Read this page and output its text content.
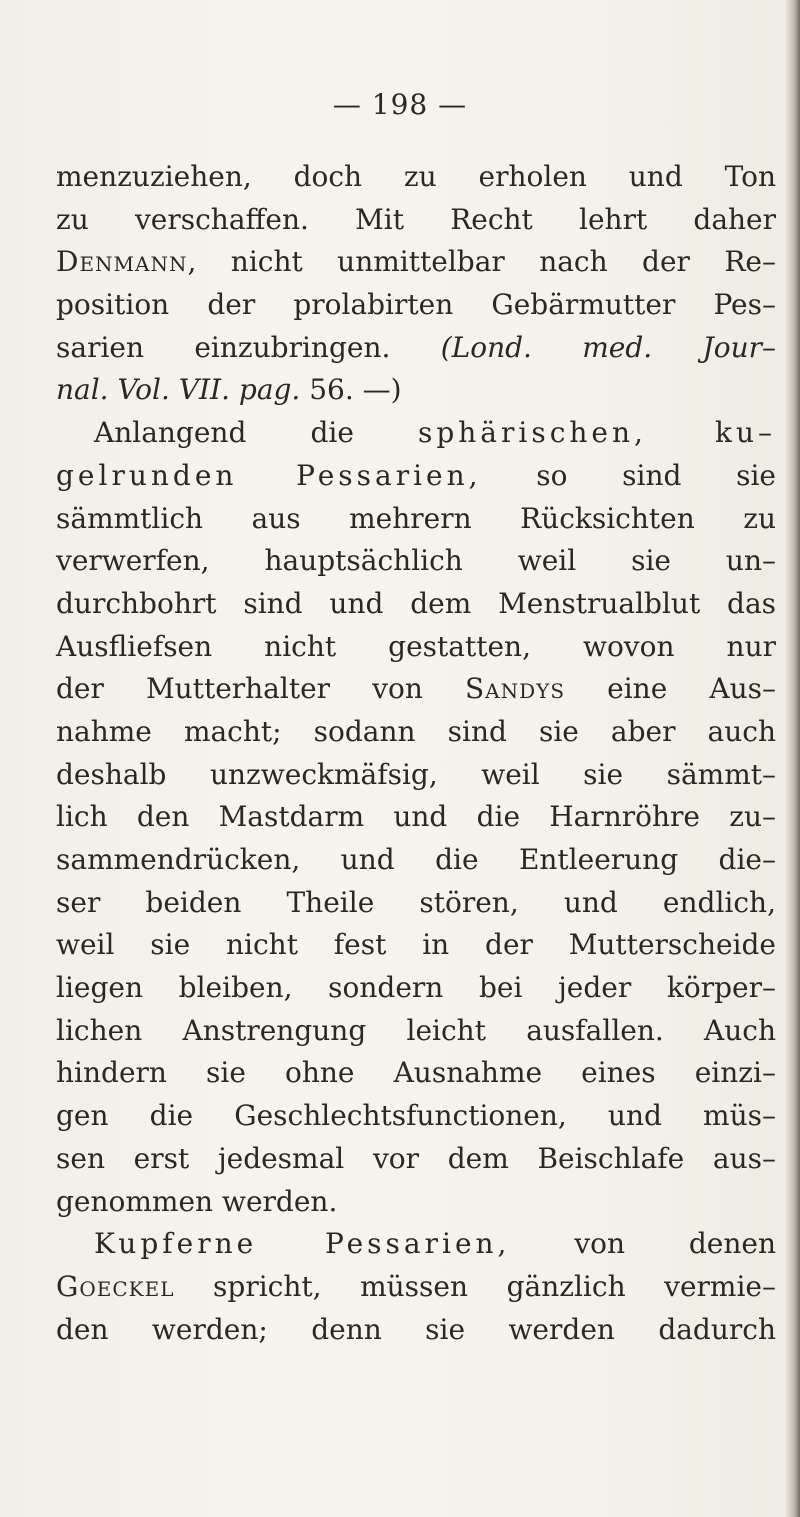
— 198 —
menzuziehen, doch zu erholen und Ton
zu verschaffen. Mit Recht lehrt daher
Denmann, nicht unmittelbar nach der Re–
position der prolabirten Gebärmutter Pes–
sarien einzubringen. (Lond. med. Jour–
nal. Vol. VII. pag. 56. —)
Anlangend die sphärischen, ku–
gelrunden Pessarien, so sind sie
sämmtlich aus mehrern Rücksichten zu
verwerfen, hauptsächlich weil sie un–
durchbohrt sind und dem Menstrualblut das
Ausfliefsen nicht gestatten, wovon nur
der Mutterhalter von Sandys eine Aus–
nahme macht; sodann sind sie aber auch
deshalb unzweckmäfsig, weil sie sämmt–
lich den Mastdarm und die Harnröhre zu–
sammendrücken, und die Entleerung die–
ser beiden Theile stören, und endlich,
weil sie nicht fest in der Mutterscheide
liegen bleiben, sondern bei jeder körper–
lichen Anstrengung leicht ausfallen. Auch
hindern sie ohne Ausnahme eines einzi–
gen die Geschlechtsfunctionen, und müs–
sen erst jedesmal vor dem Beischlafe aus–
genommen werden.
Kupferne Pessarien, von denen
Goeckel spricht, müssen gänzlich vermie–
den werden; denn sie werden dadurch
